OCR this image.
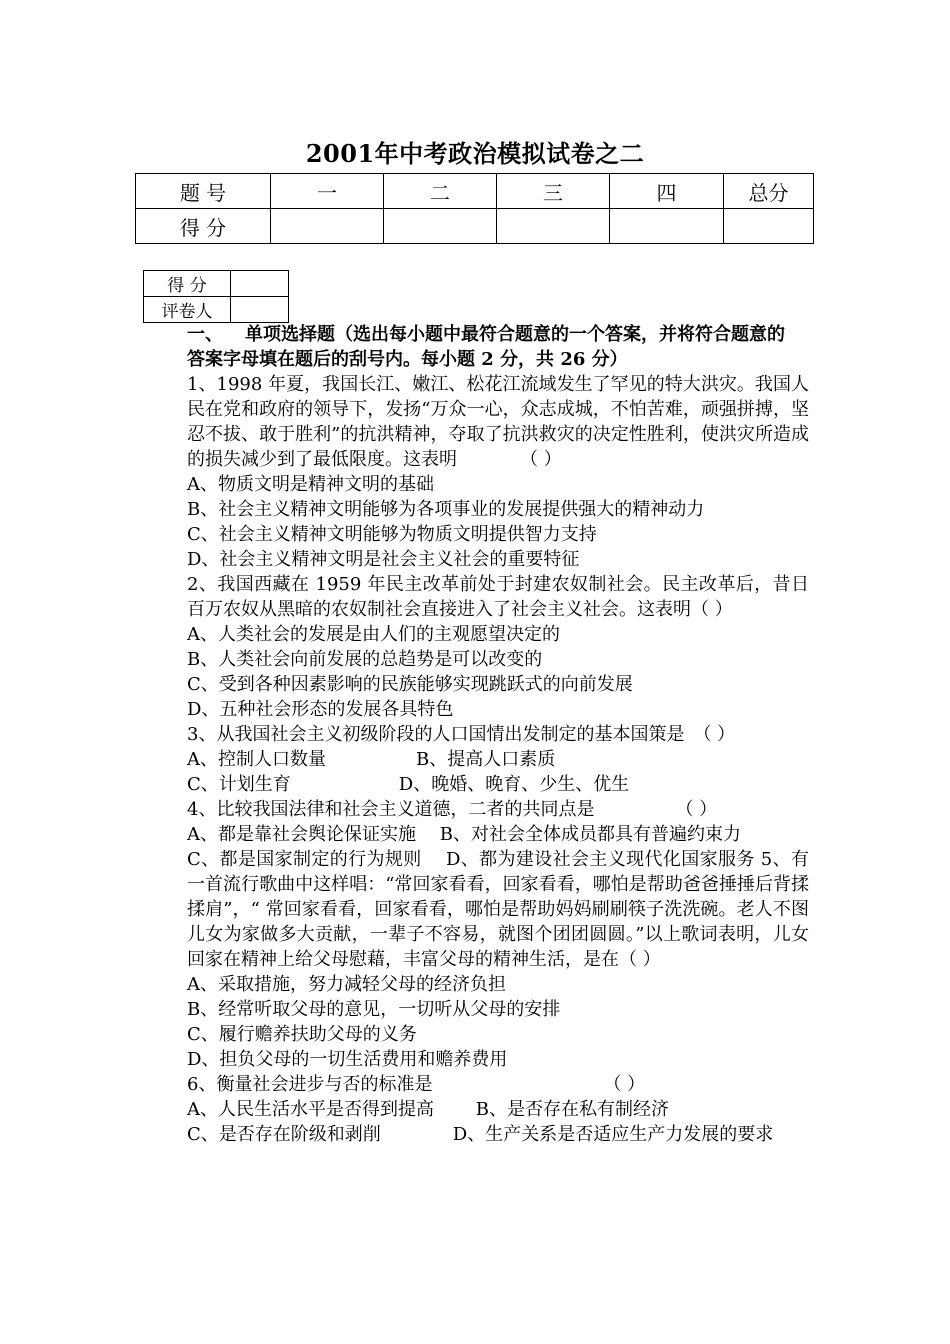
2001年中考政治模拟试卷之二
题 号	一	二	三	四	总分
得 分					
得 分	
评卷人	
一、 单项选择题（选出每小题中最符合题意的一个答案，并将符合题意的
答案字母填在题后的刮号内。每小题 2 分，共 26 分）
1、1998 年夏，我国长江、嫩江、松花江流域发生了罕见的特大洪灾。我国人民在党和政府的领导下，发扬“万众一心，众志成城，不怕苦难，顽强拼搏，坚忍不拔、敢于胜利”的抗洪精神，夺取了抗洪救灾的决定性胜利，使洪灾所造成的损失减少到了最低限度。这表明　　　　（ ）
A、物质文明是精神文明的基础
B、社会主义精神文明能够为各项事业的发展提供强大的精神动力
C、社会主义精神文明能够为物质文明提供智力支持
D、社会主义精神文明是社会主义社会的重要特征
2、我国西藏在 1959 年民主改革前处于封建农奴制社会。民主改革后，昔日百万农奴从黑暗的农奴制社会直接进入了社会主义社会。这表明（ ）
A、人类社会的发展是由人们的主观愿望决定的
B、人类社会向前发展的总趋势是可以改变的
C、受到各种因素影响的民族能够实现跳跃式的向前发展
D、五种社会形态的发展各具特色
3、从我国社会主义初级阶段的人口国情出发制定的基本国策是　（ ）
A、控制人口数量　　　　　B、提高人口素质
C、计划生育　　　　　　D、晚婚、晚育、少生、优生
4、比较我国法律和社会主义道德，二者的共同点是　　　　　（ ）
A、都是靠社会舆论保证实施　 B、对社会全体成员都具有普遍约束力
C、都是国家制定的行为规则　 D、都为建设社会主义现代化国家服务 5、有一首流行歌曲中这样唱：“常回家看看，回家看看，哪怕是帮助爸爸捶捶后背揉揉肩”，“ 常回家看看，回家看看，哪怕是帮助妈妈刷刷筷子洗洗碗。老人不图儿女为家做多大贡献，一辈子不容易，就图个团团圆圆。”以上歌词表明，儿女回家在精神上给父母慰藉，丰富父母的精神生活，是在（ ）
A、采取措施，努力减轻父母的经济负担
B、经常听取父母的意见，一切听从父母的安排
C、履行赡养扶助父母的义务
D、担负父母的一切生活费用和赡养费用
6、衡量社会进步与否的标准是　　　　　　　　　　（ ）
A、人民生活水平是否得到提高　　 B、是否存在私有制经济
C、是否存在阶级和剥削　　　　D、生产关系是否适应生产力发展的要求
